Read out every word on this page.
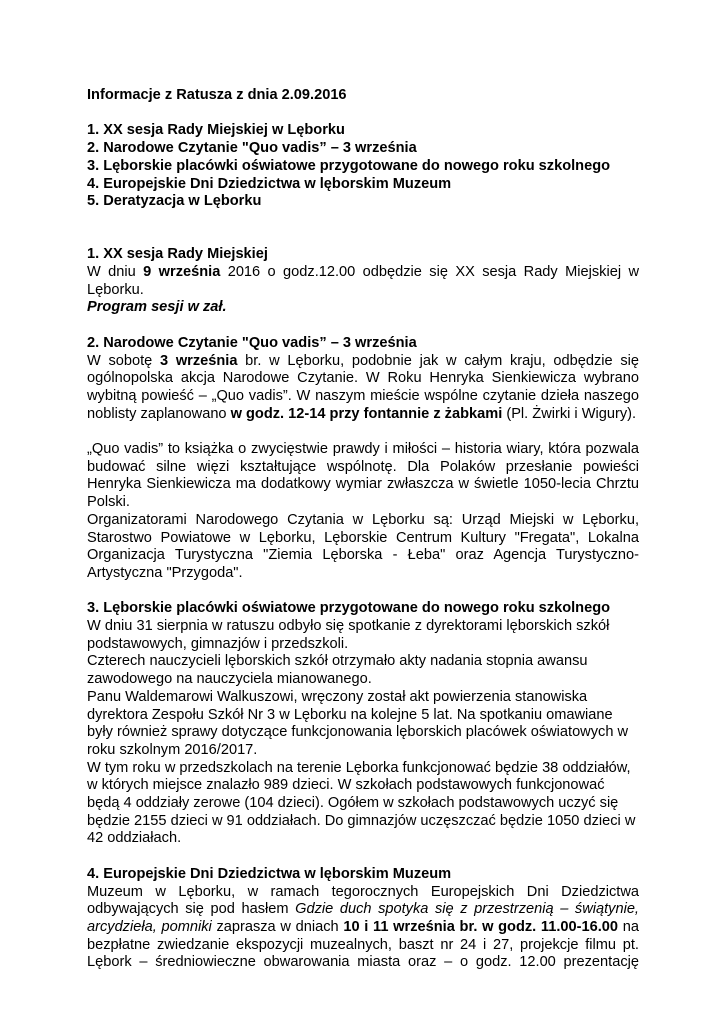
Informacje z Ratusza z dnia 2.09.2016
1. XX sesja Rady Miejskiej w Lęborku
2. Narodowe Czytanie "Quo vadis” – 3 września
3. Lęborskie placówki oświatowe przygotowane do nowego roku szkolnego
4. Europejskie Dni Dziedzictwa w lęborskim Muzeum
5. Deratyzacja w Lęborku
1. XX sesja Rady Miejskiej
W dniu 9 września 2016 o godz.12.00 odbędzie się XX sesja Rady Miejskiej w
Lęborku.
Program sesji w zał.
2. Narodowe Czytanie "Quo vadis” – 3 września
W sobotę 3 września br. w Lęborku, podobnie jak w całym kraju, odbędzie się
ogólnopolska akcja Narodowe Czytanie. W Roku Henryka Sienkiewicza wybrano
wybitną powieść – „Quo vadis”. W naszym mieście wspólne czytanie dzieła naszego
noblisty zaplanowano w godz. 12-14 przy fontannie z żabkami (Pl. Żwirki i Wigury).
„Quo vadis” to książka o zwycięstwie prawdy i miłości – historia wiary, która pozwala
budować silne więzi kształtujące wspólnotę. Dla Polaków przesłanie powieści
Henryka Sienkiewicza ma dodatkowy wymiar zwłaszcza w świetle 1050-lecia Chrztu
Polski.
Organizatorami Narodowego Czytania w Lęborku są: Urząd Miejski w Lęborku,
Starostwo Powiatowe w Lęborku, Lęborskie Centrum Kultury "Fregata", Lokalna
Organizacja Turystyczna "Ziemia Lęborska - Łeba" oraz Agencja Turystyczno-
Artystyczna "Przygoda".
3. Lęborskie placówki oświatowe przygotowane do nowego roku szkolnego
W dniu 31 sierpnia w ratuszu odbyło się spotkanie z dyrektorami lęborskich szkół
podstawowych, gimnazjów i przedszkoli.
Czterech nauczycieli lęborskich szkół otrzymało akty nadania stopnia awansu
zawodowego na nauczyciela mianowanego.
Panu Waldemarowi Walkuszowi, wręczony został akt powierzenia stanowiska
dyrektora Zespołu Szkół Nr 3 w Lęborku na kolejne 5 lat. Na spotkaniu omawiane
były również sprawy dotyczące funkcjonowania lęborskich placówek oświatowych w
roku szkolnym 2016/2017.
W tym roku w przedszkolach na terenie Lęborka funkcjonować będzie 38 oddziałów,
w których miejsce znalazło 989 dzieci. W szkołach podstawowych funkcjonować
będą 4 oddziały zerowe (104 dzieci). Ogółem w szkołach podstawowych uczyć się
będzie 2155 dzieci w 91 oddziałach. Do gimnazjów uczęszczać będzie 1050 dzieci w
42 oddziałach.
4. Europejskie Dni Dziedzictwa w lęborskim Muzeum
Muzeum w Lęborku, w ramach tegorocznych Europejskich Dni Dziedzictwa
odbywających się pod hasłem Gdzie duch spotyka się z przestrzenią – świątynie,
arcydzieła, pomniki zaprasza w dniach 10 i 11 września br. w godz. 11.00-16.00 na
bezpłatne zwiedzanie ekspozycji muzealnych, baszt nr 24 i 27, projekcje filmu pt.
Lębork – średniowieczne obwarowania miasta oraz – o godz. 12.00 prezentację
